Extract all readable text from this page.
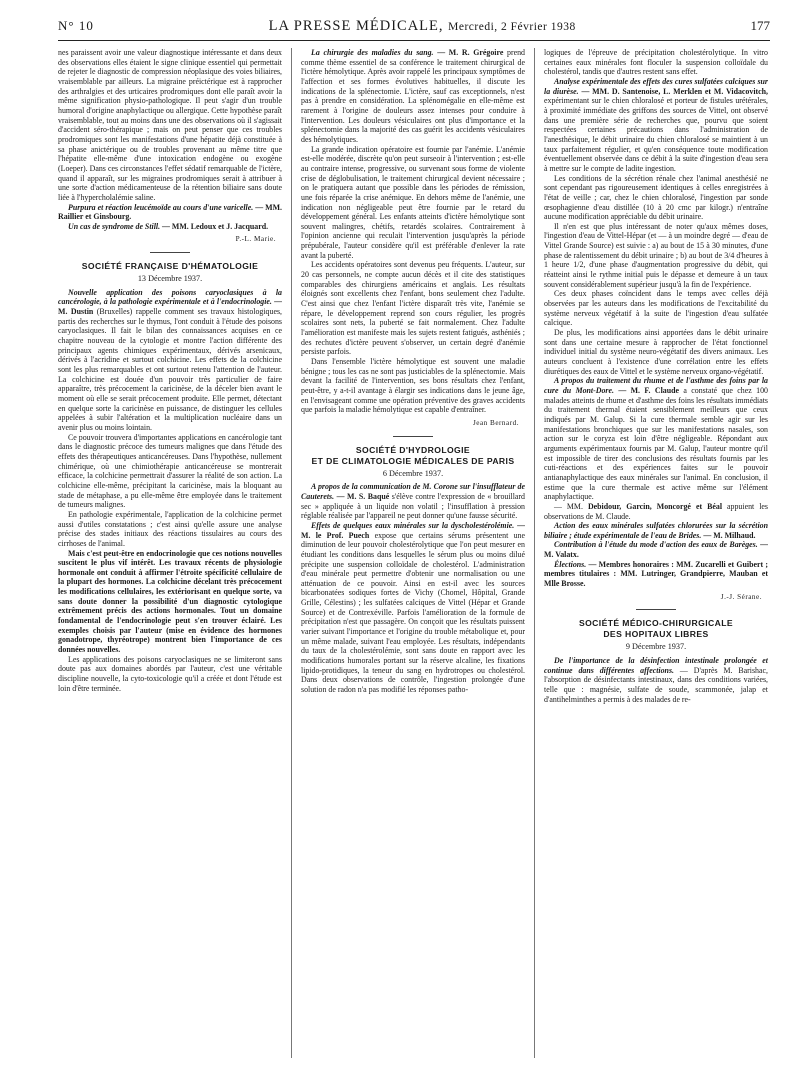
N° 10	LA PRESSE MÉDICALE, Mercredi, 2 Février 1938	177

nes paraissent avoir une valeur diagnostique intéressante et dans deux des observations elles étaient le signe clinique essentiel qui permettait de rejeter le diagnostic de compression néoplasique des voies biliaires, vraisemblable par ailleurs. La migraine préictérique est à rapprocher des arthralgies et des urticaires prodromiques dont elle paraît avoir la même signification physio-pathologique. Il peut s'agir d'un trouble humoral d'origine anaphylactique ou allergique. Cette hypothèse paraît vraisemblable, tout au moins dans une des observations où il s'agissait d'accident séro-thérapique ; mais on peut penser que ces troubles prodromiques sont les manifestations d'une hépatite déjà constituée à sa phase anictérique ou de troubles provenant au même titre que l'hépatite elle-même d'une intoxication endogène ou exogène (Loeper). Dans ces circonstances l'effet sédatif remarquable de l'ictère, quand il apparaît, sur les migraines prodromiques serait à attribuer à une sorte d'action médicamenteuse de la rétention biliaire sans doute liée à l'hypercholalémie saline.

Purpura et réaction leucémoïde au cours d'une varicelle. — MM. Raillier et Ginsbourg.

Un cas de syndrome de Still. — MM. Ledoux et J. Jacquard.

P.-L. Marie.
SOCIÉTÉ FRANÇAISE D'HÉMATOLOGIE
13 Décembre 1937.

Nouvelle application des poisons caryoclasiques à la cancérologie, à la pathologie expérimentale et à l'endocrinologie. — M. Dustin (Bruxelles) rappelle comment ses travaux histologiques, partis des recherches sur le thymus, l'ont conduit à l'étude des poisons caryoclasiques. Il fait le bilan des connaissances acquises en ce chapitre nouveau de la cytologie et montre l'action différente des principaux agents chimiques expérimentaux, dérivés arsenicaux, dérivés à l'acridine et surtout colchicine. Les effets de la colchicine sont les plus remarquables et ont surtout retenu l'attention de l'auteur. La colchicine est douée d'un pouvoir très particulier de faire apparaître, très précocement la caricinèse, de la déceler bien avant le moment où elle se serait précocement produite. Elle permet, détectant en quelque sorte la caricinèse en puissance, de distinguer les cellules appelées à subir l'altération et la multiplication nucléaire dans un avenir plus ou moins lointain.

Ce pouvoir trouvera d'importantes applications en cancérologie tant dans le diagnostic précoce des tumeurs malignes que dans l'étude des effets des thérapeutiques anticancéreuses. Dans l'hypothèse, nullement chimérique, où une chimiothérapie anticancéreuse se montrerait efficace, la colchicine permettrait d'assurer la réalité de son action. La colchicine elle-même, précipitant la caricinèse, mais la bloquant au stade de métaphase, a pu elle-même être employée dans le traitement de tumeurs malignes.

En pathologie expérimentale, l'application de la colchicine permet aussi d'utiles constatations ; c'est ainsi qu'elle assure une analyse précise des stades initiaux des réactions tissulaires au cours des cirrhoses de l'animal.

Mais c'est peut-être en endocrinologie que ces notions nouvelles suscitent le plus vif intérêt. Les travaux récents de physiologie hormonale ont conduit à affirmer l'étroite spécificité cellulaire de la plupart des hormones. La colchicine décelant très précocement les modifications cellulaires, les extériorisant en quelque sorte, va sans doute donner la possibilité d'un diagnostic cytologique extrêmement précis des actions hormonales. Tout un domaine fondamental de l'endocrinologie peut s'en trouver éclairé. Les exemples choisis par l'auteur (mise en évidence des hormones gonadotrope, thyréotrope) montrent bien l'importance de ces données nouvelles.

Les applications des poisons caryoclasiques ne se limiteront sans doute pas aux domaines abordés par l'auteur, c'est une véritable discipline nouvelle, la cyto-toxicologie qu'il a créée et dont l'étude est loin d'être terminée.

La chirurgie des maladies du sang. — M. R. Grégoire prend comme thème essentiel de sa conférence le traitement chirurgical de l'ictère hémolytique. Après avoir rappelé les principaux symptômes de l'affection et ses formes évolutives habituelles, il discute les indications de la splénectomie. L'ictère, sauf cas exceptionnels, n'est pas à prendre en considération. La splénomégalie en elle-même est rarement à l'origine de douleurs assez intenses pour conduire à l'intervention. Les douleurs vésiculaires ont plus d'importance et la splénectomie dans la majorité des cas guérit les accidents vésiculaires des hémolytiques.

La grande indication opératoire est fournie par l'anémie. L'anémie est-elle modérée, discrète qu'on peut surseoir à l'intervention ; est-elle au contraire intense, progressive, ou survenant sous forme de violente crise de déglobulisation, le traitement chirurgical devient nécessaire ; on le pratiquera autant que possible dans les périodes de rémission, une fois réparée la crise anémique. En dehors même de l'anémie, une indication non négligeable peut être fournie par le retard du développement général. Les enfants atteints d'ictère hémolytique sont souvent malingres, chétifs, retardés scolaires. Contrairement à l'opinion ancienne qui reculait l'intervention jusqu'après la période prépubérale, l'auteur considère qu'il est préférable d'enlever la rate avant la puberté.

Les accidents opératoires sont devenus peu fréquents. L'auteur, sur 20 cas personnels, ne compte aucun décès et il cite des statistiques comparables des chirurgiens américains et anglais. Les résultats éloignés sont excellents chez l'enfant, bons seulement chez l'adulte. C'est ainsi que chez l'enfant l'ictère disparaît très vite, l'anémie se répare, le développement reprend son cours régulier, les progrès scolaires sont nets, la puberté se fait normalement. Chez l'adulte l'amélioration est manifeste mais les sujets restent fatigués, asthéniés ; des rechutes d'ictère peuvent s'observer, un certain degré d'anémie persiste parfois.

Dans l'ensemble l'ictère hémolytique est souvent une maladie bénigne ; tous les cas ne sont pas justiciables de la splénectomie. Mais devant la facilité de l'intervention, ses bons résultats chez l'enfant, peut-être, y a-t-il avantage à élargir ses indications dans le jeune âge, en l'envisageant comme une opération préventive des graves accidents que parfois la maladie hémolytique est capable d'entraîner.

Jean Bernard.
SOCIÉTÉ D'HYDROLOGIE
ET DE CLIMATOLOGIE MÉDICALES DE PARIS
6 Décembre 1937.

A propos de la communication de M. Corone sur l'insufflateur de Cauterets. — M. S. Baqué s'élève contre l'expression de « brouillard sec » appliquée à un liquide non volatil ; l'insufflation à pression réglable réalisée par l'appareil ne peut donner qu'une fausse sécurité.

Effets de quelques eaux minérales sur la dyscholestérolémie. — M. le Prof. Puech expose que certains sérums présentent une diminution de leur pouvoir cholestérolytique que l'on peut mesurer en étudiant les conditions dans lesquelles le sérum plus ou moins dilué précipite une suspension colloïdale de cholestérol. L'administration d'eau minérale peut permettre d'obtenir une normalisation ou une atténuation de ce pouvoir. Ainsi en est-il avec les sources bicarbonatées sodiques fortes de Vichy (Chomel, Hôpital, Grande Grille, Célestins) ; les sulfatées calciques de Vittel (Hépar et Grande Source) et de Contrexéville. Parfois l'amélioration de la formule de précipitation n'est que passagère. On conçoit que les résultats puissent varier suivant l'importance et l'origine du trouble métabolique et, pour un même malade, suivant l'eau employée. Les résultats, indépendants du taux de la cholestérolémie, sont sans doute en rapport avec les modifications humorales portant sur la réserve alcaline, les fixations lipido-protidiques, la teneur du sang en hydrotropes ou cholestérol. Dans deux observations de contrôle, l'ingestion prolongée d'une solution de radon n'a pas modifié les réponses patho-

logiques de l'épreuve de précipitation cholestérolytique. In vitro certaines eaux minérales font floculer la suspension colloïdale du cholestérol, tandis que d'autres restent sans effet.

Analyse expérimentale des effets des cures sulfatées calciques sur la diurèse. — MM. D. Santenoise, L. Merklen et M. Vidacovitch, expérimentant sur le chien chloralosé et porteur de fistules urétérales, à proximité immédiate des griffons des sources de Vittel, ont observé dans une première série de recherches que, pourvu que soient respectées certaines précautions dans l'administration de l'anesthésique, le débit urinaire du chien chloralosé se maintient à un taux parfaitement régulier, et qu'en conséquence toute modification éventuellement observée dans ce débit à la suite d'ingestion d'eau sera à mettre sur le compte de ladite ingestion.

Les conditions de la sécrétion rénale chez l'animal anesthésié ne sont cependant pas rigoureusement identiques à celles enregistrées à l'état de veille ; car, chez le chien chloralosé, l'ingestion par sonde œsophagienne d'eau distillée (10 à 20 cmc par kilogr.) n'entraîne aucune modification appréciable du débit urinaire.

Il n'en est que plus intéressant de noter qu'aux mêmes doses, l'ingestion d'eau de Vittel-Hépar (et — à un moindre degré — d'eau de Vittel Grande Source) est suivie : a) au bout de 15 à 30 minutes, d'une phase de ralentissement du débit urinaire ; b) au bout de 3/4 d'heures à 1 heure 1/2, d'une phase d'augmentation progressive du débit, qui réatteint ainsi le rythme initial puis le dépasse et demeure à un taux souvent considérablement supérieur jusqu'à la fin de l'expérience.

Ces deux phases coïncident dans le temps avec celles déjà observées par les auteurs dans les modifications de l'excitabilité du système nerveux végétatif à la suite de l'ingestion d'eau sulfatée calcique.

De plus, les modifications ainsi apportées dans le débit urinaire sont dans une certaine mesure à rapprocher de l'état fonctionnel individuel initial du système neuro-végétatif des divers animaux. Les auteurs concluent à l'existence d'une corrélation entre les effets diurétiques des eaux de Vittel et le système nerveux organo-végétatif.

A propos du traitement du rhume et de l'asthme des foins par la cure du Mont-Dore. — M. F. Claude a constaté que chez 100 malades atteints de rhume et d'asthme des foins les résultats immédiats du traitement thermal étaient sensiblement meilleurs que ceux indiqués par M. Galup. Si la cure thermale semble agir sur les manifestations bronchiques que sur les manifestations nasales, son action sur le coryza est loin d'être négligeable. Répondant aux arguments expérimentaux fournis par M. Galup, l'auteur montre qu'il est impossible de tirer des conclusions des résultats fournis par les cuti-réactions et des expériences faites sur le pouvoir antianaphylactique des eaux minérales sur l'animal. En conclusion, il estime que la cure thermale est active même sur l'élément anaphylactique.

— MM. Debidour, Garcin, Moncorgé et Béal appuient les observations de M. Claude.

Action des eaux minérales sulfatées chlorurées sur la sécrétion biliaire ; étude expérimentale de l'eau de Brides. — M. Milhaud.

Contribution à l'étude du mode d'action des eaux de Barèges. — M. Valatx.

Élections. — Membres honoraires : MM. Zucarelli et Guibert ; membres titulaires : MM. Lutringer, Grandpierre, Mauban et Mlle Brosse.

J.-J. Sérane.
SOCIÉTÉ MÉDICO-CHIRURGICALE
DES HOPITAUX LIBRES
9 Décembre 1937.

De l'importance de la désinfection intestinale prolongée et continue dans différentes affections. — D'après M. Barishac, l'absorption de désinfectants intestinaux, dans des conditions variées, telle que : magnésie, sulfate de soude, scammonée, jalap et d'antihelminthes a permis à des malades de re-
